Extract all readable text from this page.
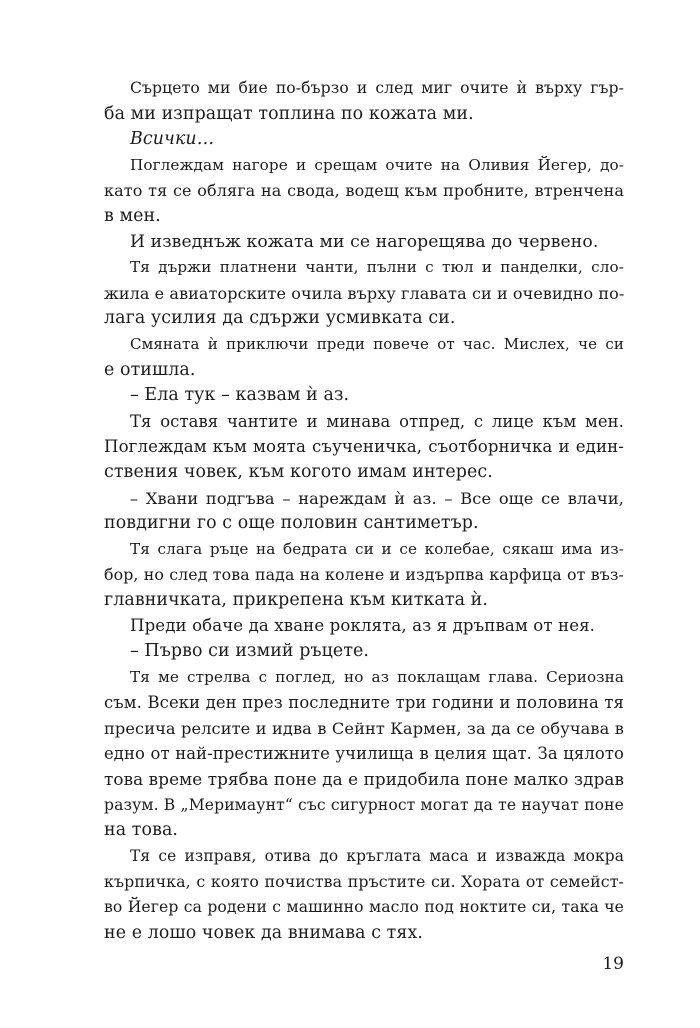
Сърцето ми бие по-бързо и след миг очите ѝ върху гър-
ба ми изпращат топлина по кожата ми.
Всички…
Поглеждам нагоре и срещам очите на Оливия Йегер, до-
като тя се обляга на свода, водещ към пробните, втренчена
в мен.
И изведнъж кожата ми се нагорещява до червено.
Тя държи платнени чанти, пълни с тюл и панделки, сло-
жила е авиаторските очила върху главата си и очевидно по-
лага усилия да сдържи усмивката си.
Смяната ѝ приключи преди повече от час. Мислех, че си
е отишла.
– Ела тук – казвам ѝ аз.
Тя оставя чантите и минава отпред, с лице към мен.
Поглеждам към моята съученичка, съотборничка и един-
ствения човек, към когото имам интерес.
– Хвани подгъва – нареждам ѝ аз. – Все още се влачи,
повдигни го с още половин сантиметър.
Тя слага ръце на бедрата си и се колебае, сякаш има из-
бор, но след това пада на колене и издърпва карфица от въз-
главничката, прикрепена към китката ѝ.
Преди обаче да хване роклята, аз я дръпвам от нея.
– Първо си измий ръцете.
Тя ме стрелва с поглед, но аз поклащам глава. Сериозна
съм. Всеки ден през последните три години и половина тя
пресича релсите и идва в Сейнт Кармен, за да се обучава в
едно от най-престижните училища в целия щат. За цялото
това време трябва поне да е придобила поне малко здрав
разум. В „Меримаунт“ със сигурност могат да те научат поне
на това.
Тя се изправя, отива до кръглата маса и изважда мокра
кърпичка, с която почиства пръстите си. Хората от семейст-
во Йегер са родени с машинно масло под ноктите си, така че
не е лошо човек да внимава с тях.
19
